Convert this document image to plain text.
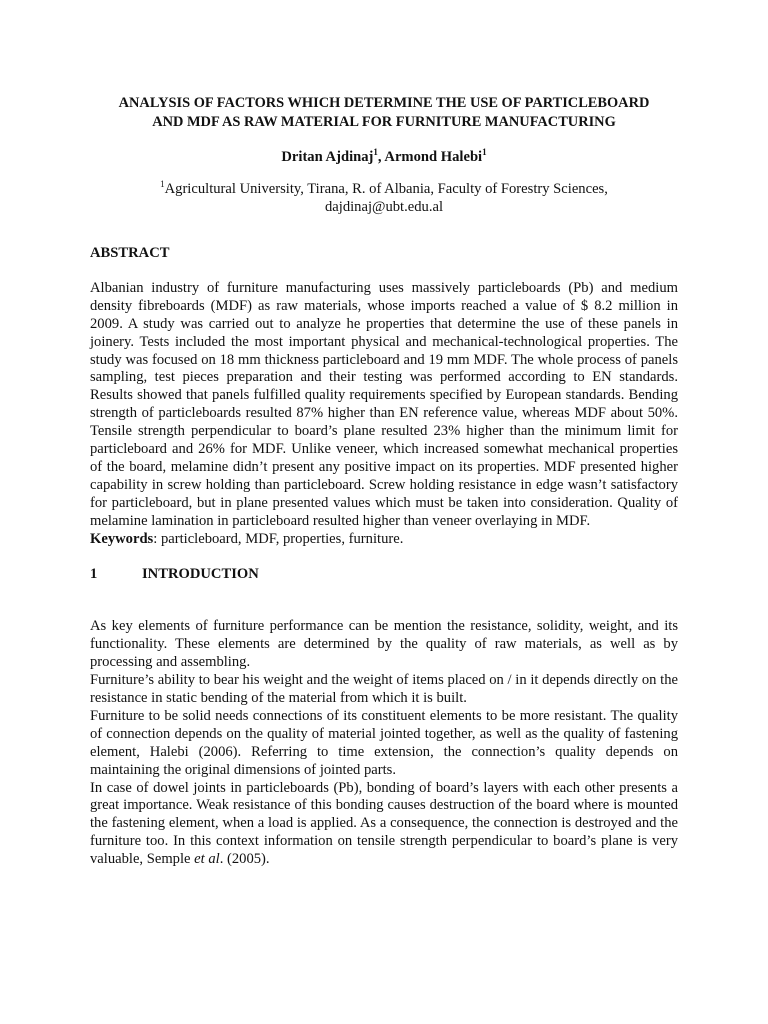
ANALYSIS OF FACTORS WHICH DETERMINE THE USE OF PARTICLEBOARD
AND MDF AS RAW MATERIAL FOR FURNITURE MANUFACTURING
Dritan Ajdinaj$^1$, Armond Halebi$^1$
$^1$Agricultural University, Tirana, R. of Albania, Faculty of Forestry Sciences,
dajdinaj@ubt.edu.al
ABSTRACT

Albanian industry of furniture manufacturing uses massively particleboards (Pb) and medium density fibreboards (MDF) as raw materials, whose imports reached a value of $ 8.2 million in 2009. A study was carried out to analyze he properties that determine the use of these panels in joinery. Tests included the most important physical and mechanical-technological properties. The study was focused on 18 mm thickness particleboard and 19 mm MDF. The whole process of panels sampling, test pieces preparation and their testing was performed according to EN standards. Results showed that panels fulfilled quality requirements specified by European standards. Bending strength of particleboards resulted 87% higher than EN reference value, whereas MDF about 50%. Tensile strength perpendicular to board’s plane resulted 23% higher than the minimum limit for particleboard and 26% for MDF. Unlike veneer, which increased somewhat mechanical properties of the board, melamine didn’t present any positive impact on its properties. MDF presented higher capability in screw holding than particleboard. Screw holding resistance in edge wasn’t satisfactory for particleboard, but in plane presented values which must be taken into consideration. Quality of melamine lamination in particleboard resulted higher than veneer overlaying in MDF.

Keywords: particleboard, MDF, properties, furniture.

1	INTRODUCTION

As key elements of furniture performance can be mention the resistance, solidity, weight, and its functionality. These elements are determined by the quality of raw materials, as well as by processing and assembling.

Furniture’s ability to bear his weight and the weight of items placed on / in it depends directly on the resistance in static bending of the material from which it is built.

Furniture to be solid needs connections of its constituent elements to be more resistant. The quality of connection depends on the quality of material jointed together, as well as the quality of fastening element, Halebi (2006). Referring to time extension, the connection’s quality depends on maintaining the original dimensions of jointed parts.

In case of dowel joints in particleboards (Pb), bonding of board’s layers with each other presents a great importance. Weak resistance of this bonding causes destruction of the board where is mounted the fastening element, when a load is applied. As a consequence, the connection is destroyed and the furniture too. In this context information on tensile strength perpendicular to board’s plane is very valuable, Semple et al. (2005).
